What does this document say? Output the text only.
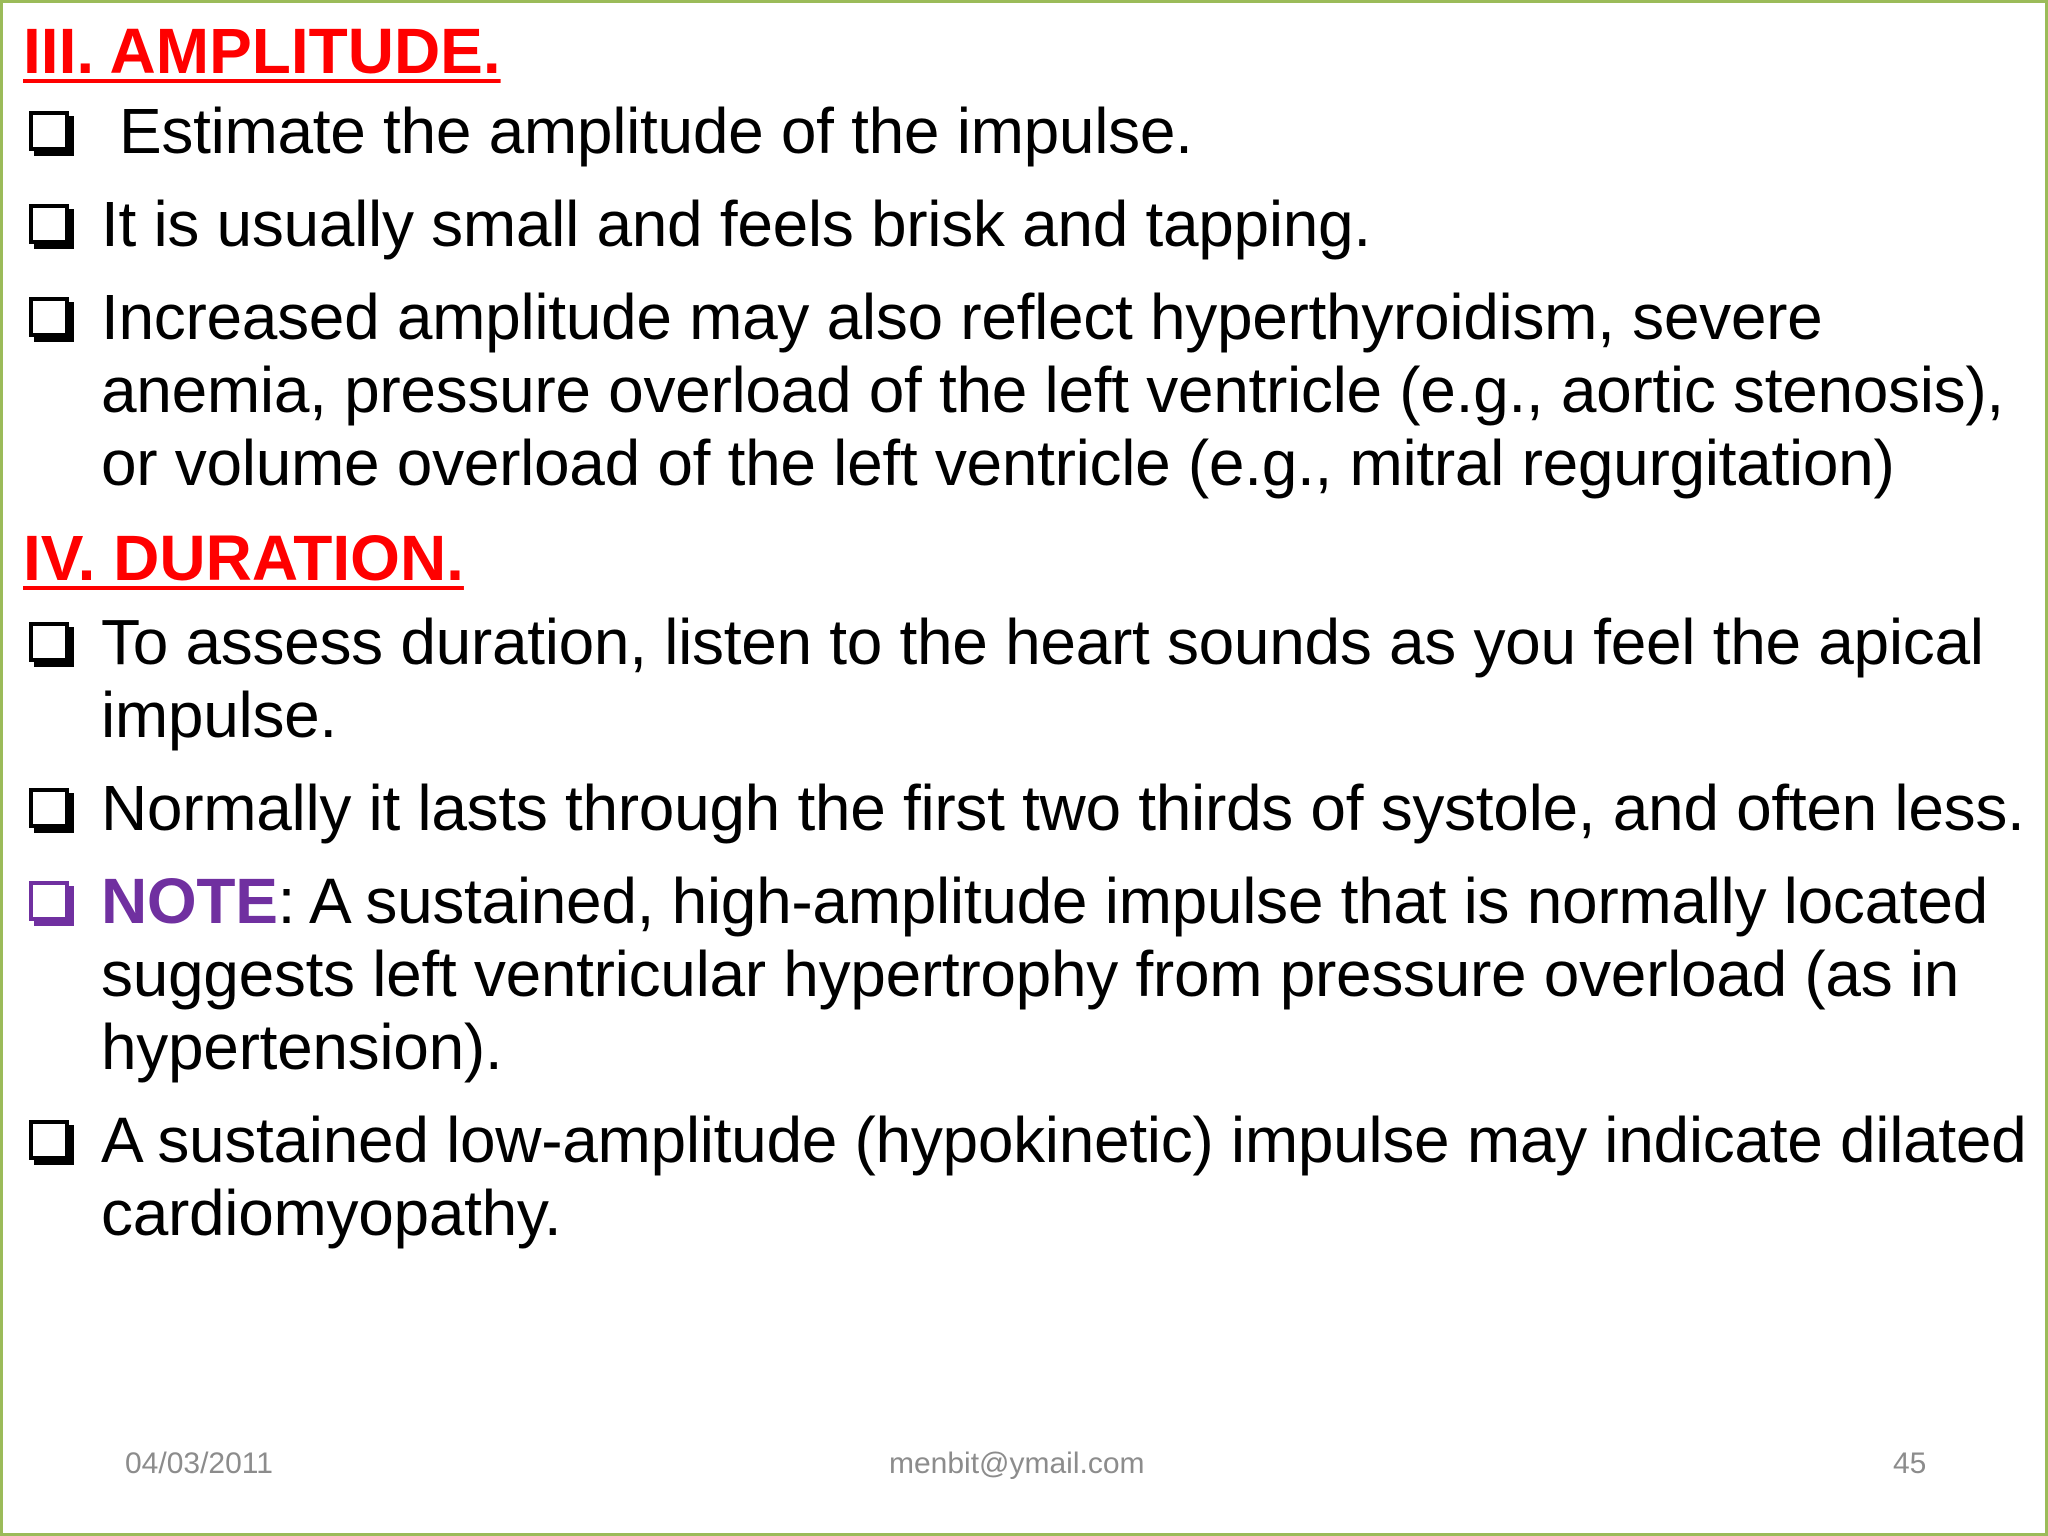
III. AMPLITUDE.
Estimate the amplitude of the impulse.
It is usually small and feels brisk and tapping.
Increased amplitude may also reflect hyperthyroidism, severe anemia, pressure overload of the left ventricle (e.g., aortic stenosis), or volume overload of the left ventricle (e.g., mitral regurgitation)
IV. DURATION.
To assess duration, listen to the heart sounds as you feel the apical impulse.
Normally it lasts through the first two thirds of systole, and often less.
NOTE: A sustained, high-amplitude impulse that is normally located suggests left ventricular hypertrophy from pressure overload (as in hypertension).
A sustained low-amplitude (hypokinetic) impulse may indicate dilated cardiomyopathy.
04/03/2011	menbit@ymail.com	45
